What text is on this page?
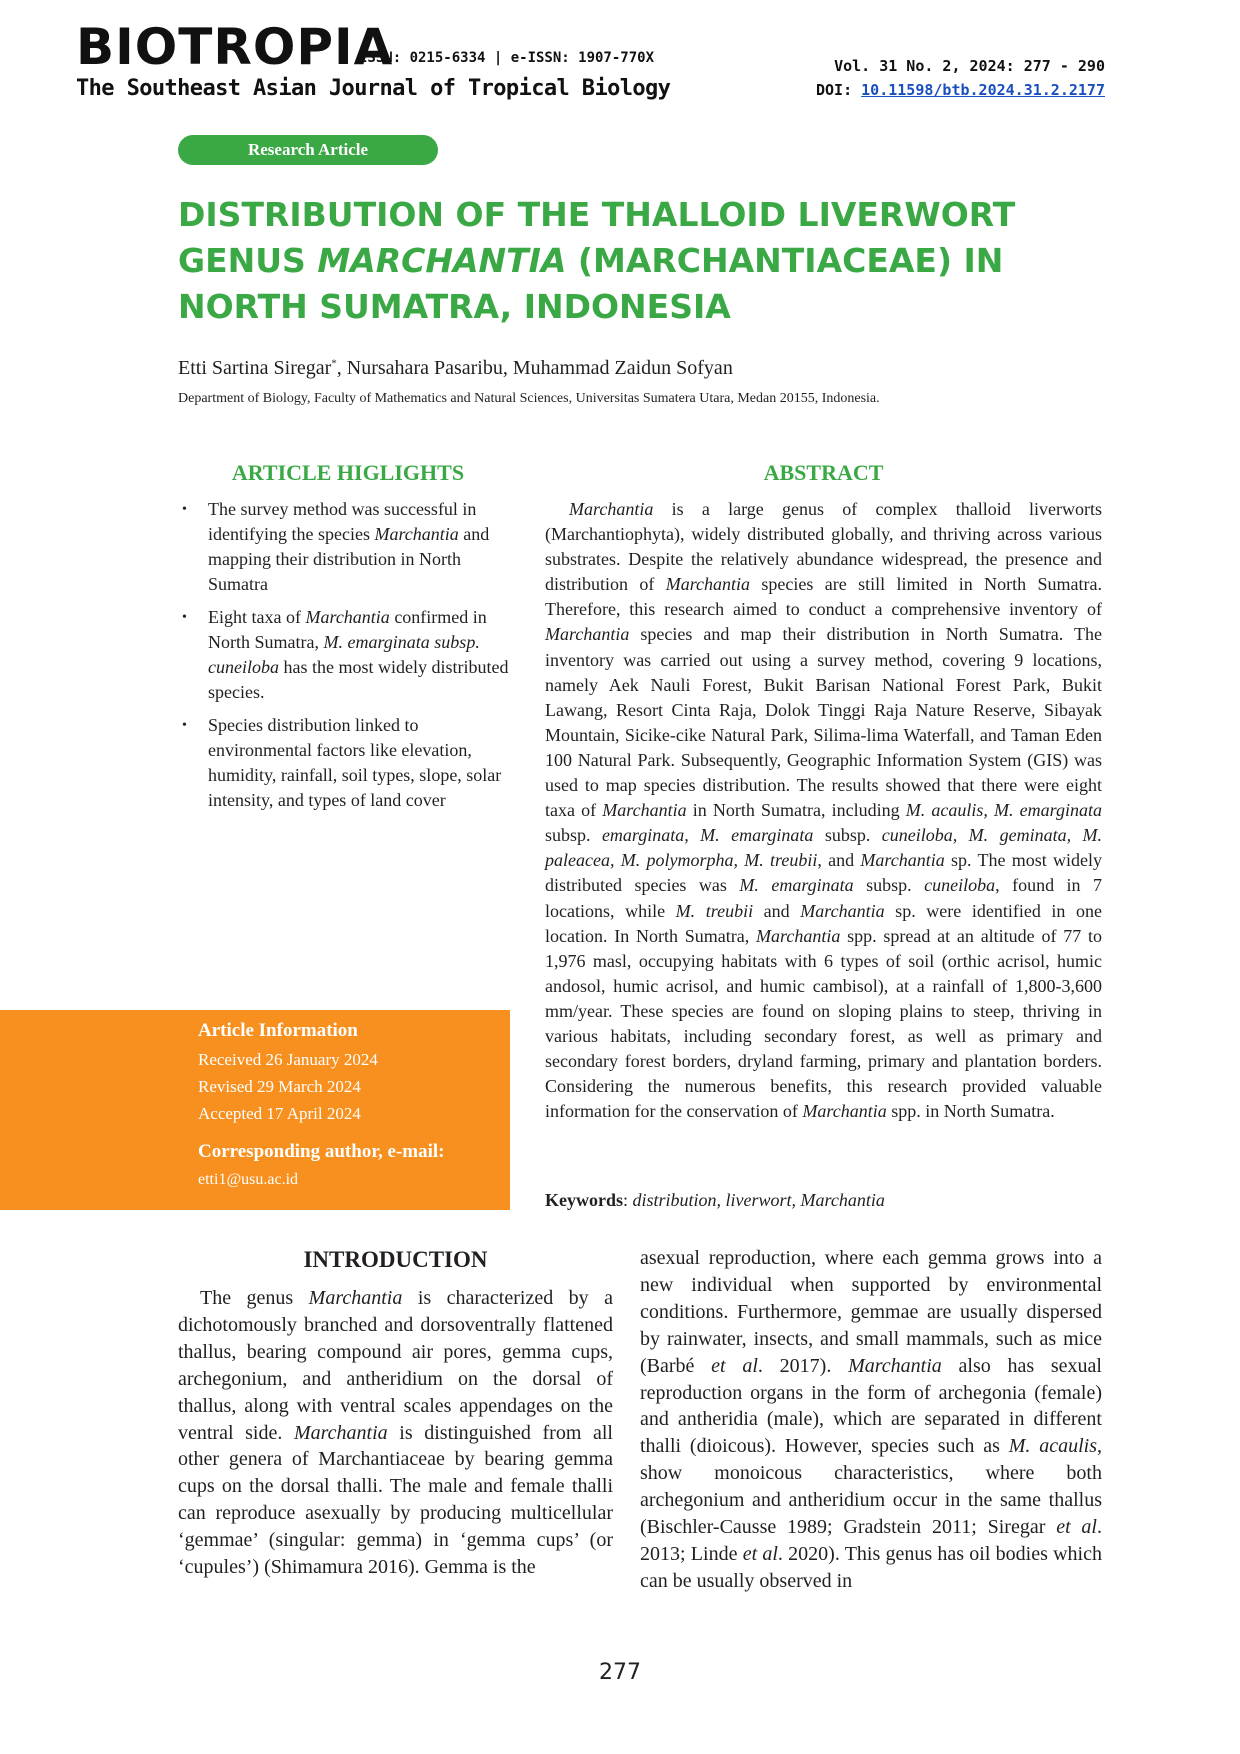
BIOTROPIA
ISSN: 0215-6334 | e-ISSN: 1907-770X
The Southeast Asian Journal of Tropical Biology
Vol. 31 No. 2, 2024: 277 - 290
DOI: 10.11598/btb.2024.31.2.2177
Research Article
DISTRIBUTION OF THE THALLOID LIVERWORT
GENUS MARCHANTIA (MARCHANTIACEAE) IN
NORTH SUMATRA, INDONESIA
Etti Sartina Siregar*, Nursahara Pasaribu, Muhammad Zaidun Sofyan
Department of Biology, Faculty of Mathematics and Natural Sciences, Universitas Sumatera Utara, Medan 20155, Indonesia.
ARTICLE HIGLIGHTS
• The survey method was successful in identifying the species Marchantia and mapping their distribution in North Sumatra
• Eight taxa of Marchantia confirmed in North Sumatra, M. emarginata subsp. cuneiloba has the most widely distributed species.
• Species distribution linked to environmental factors like elevation, humidity, rainfall, soil types, slope, solar intensity, and types of land cover
ABSTRACT

Marchantia is a large genus of complex thalloid liverworts (Marchantiophyta), widely distributed globally, and thriving across various substrates. Despite the relatively abundance widespread, the presence and distribution of Marchantia species are still limited in North Sumatra. Therefore, this research aimed to conduct a comprehensive inventory of Marchantia species and map their distribution in North Sumatra. The inventory was carried out using a survey method, covering 9 locations, namely Aek Nauli Forest, Bukit Barisan National Forest Park, Bukit Lawang, Resort Cinta Raja, Dolok Tinggi Raja Nature Reserve, Sibayak Mountain, Sicike-cike Natural Park, Silima-lima Waterfall, and Taman Eden 100 Natural Park. Subsequently, Geographic Information System (GIS) was used to map species distribution. The results showed that there were eight taxa of Marchantia in North Sumatra, including M. acaulis, M. emarginata subsp. emarginata, M. emarginata subsp. cuneiloba, M. geminata, M. paleacea, M. polymorpha, M. treubii, and Marchantia sp. The most widely distributed species was M. emarginata subsp. cuneiloba, found in 7 locations, while M. treubii and Marchantia sp. were identified in one location. In North Sumatra, Marchantia spp. spread at an altitude of 77 to 1,976 masl, occupying habitats with 6 types of soil (orthic acrisol, humic andosol, humic acrisol, and humic cambisol), at a rainfall of 1,800-3,600 mm/year. These species are found on sloping plains to steep, thriving in various habitats, including secondary forest, as well as primary and secondary forest borders, dryland farming, primary and plantation borders. Considering the numerous benefits, this research provided valuable information for the conservation of Marchantia spp. in North Sumatra.

Keywords: distribution, liverwort, Marchantia
Article Information
Received 26 January 2024
Revised 29 March 2024
Accepted 17 April 2024
Corresponding author, e-mail:
etti1@usu.ac.id
INTRODUCTION

The genus Marchantia is characterized by a dichotomously branched and dorsoventrally flattened thallus, bearing compound air pores, gemma cups, archegonium, and antheridium on the dorsal of thallus, along with ventral scales appendages on the ventral side. Marchantia is distinguished from all other genera of Marchantiaceae by bearing gemma cups on the dorsal thalli. The male and female thalli can reproduce asexually by producing multicellular ‘gemmae’ (singular: gemma) in ‘gemma cups’ (or ‘cupules’) (Shimamura 2016). Gemma is the

asexual reproduction, where each gemma grows into a new individual when supported by environmental conditions. Furthermore, gemmae are usually dispersed by rainwater, insects, and small mammals, such as mice (Barbé et al. 2017). Marchantia also has sexual reproduction organs in the form of archegonia (female) and antheridia (male), which are separated in different thalli (dioicous). However, species such as M. acaulis, show monoicous characteristics, where both archegonium and antheridium occur in the same thallus (Bischler-Causse 1989; Gradstein 2011; Siregar et al. 2013; Linde et al. 2020). This genus has oil bodies which can be usually observed in

277
